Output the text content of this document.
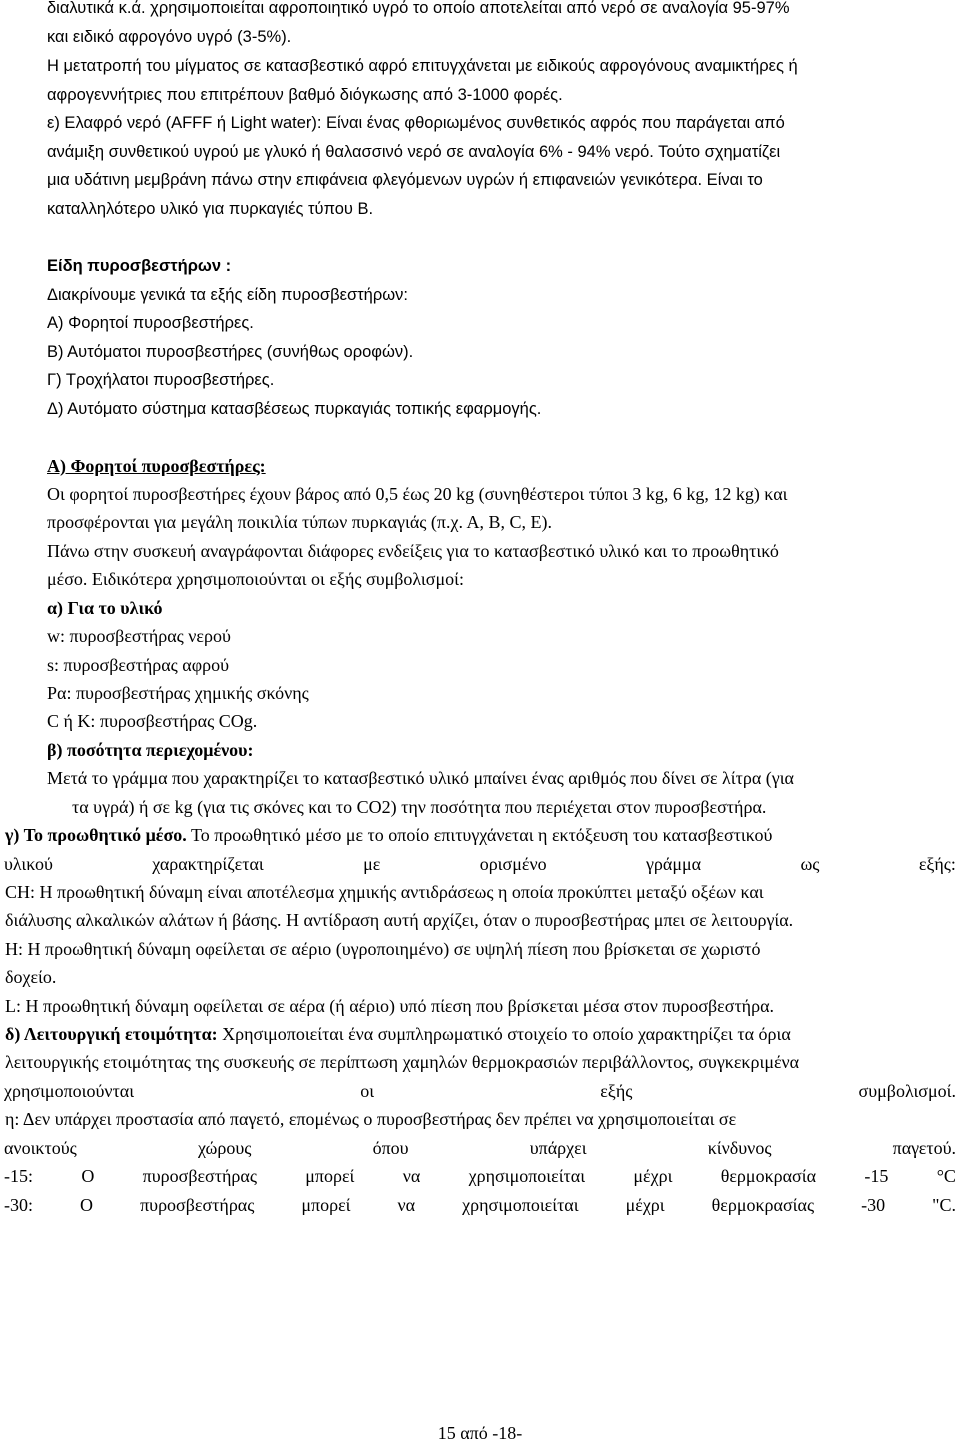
διαλυτικά κ.ά. χρησιμοποιείται αφροποιητικό υγρό το οποίο αποτελείται από νερό σε αναλογία 95-97%
και ειδικό αφρογόνο υγρό (3-5%).
Η μετατροπή του μίγματος σε κατασβεστικό αφρό επιτυγχάνεται με ειδικούς αφρογόνους αναμικτήρες ή
αφρογεννήτριες που επιτρέπουν βαθμό διόγκωσης από 3-1000 φορές.
ε) Ελαφρό νερό (AFFF ή Light water): Είναι ένας φθοριωμένος συνθετικός αφρός που παράγεται από
ανάμιξη συνθετικού υγρού με γλυκό ή θαλασσινό νερό σε αναλογία 6% - 94% νερό. Τούτο σχηματίζει
μια υδάτινη μεμβράνη πάνω στην επιφάνεια φλεγόμενων υγρών ή επιφανειών γενικότερα. Είναι το
καταλληλότερο υλικό για πυρκαγιές τύπου Β.
Είδη πυροσβεστήρων :
Διακρίνουμε γενικά τα εξής είδη πυροσβεστήρων:
Α) Φορητοί πυροσβεστήρες.
Β) Αυτόματοι πυροσβεστήρες (συνήθως οροφών).
Γ) Τροχήλατοι πυροσβεστήρες.
Δ) Αυτόματο σύστημα κατασβέσεως πυρκαγιάς τοπικής εφαρμογής.
Α) Φορητοί πυροσβεστήρες:
Οι φορητοί πυροσβεστήρες έχουν βάρος από 0,5 έως 20 kg (συνηθέστεροι τύποι 3 kg, 6 kg, 12 kg) και
προσφέρονται για μεγάλη ποικιλία τύπων πυρκαγιάς (π.χ. Α, Β, C, Ε).
Πάνω στην συσκευή αναγράφονται διάφορες ενδείξεις για το κατασβεστικό υλικό και το προωθητικό
μέσο. Ειδικότερα χρησιμοποιούνται οι εξής συμβολισμοί:
α) Για το υλικό
w: πυροσβεστήρας νερού
s: πυροσβεστήρας αφρού
Ρα: πυροσβεστήρας χημικής σκόνης
C ή Κ: πυροσβεστήρας COg.
β) ποσότητα περιεχομένου:
Μετά το γράμμα που χαρακτηρίζει το κατασβεστικό υλικό μπαίνει ένας αριθμός που δίνει σε λίτρα (για
τα υγρά) ή σε kg (για τις σκόνες και το CO2) την ποσότητα που περιέχεται στον πυροσβεστήρα.
γ) Το προωθητικό μέσο. Το προωθητικό μέσο με το οποίο επιτυγχάνεται η εκτόξευση του κατασβεστικού
υλικού	χαρακτηρίζεται	με	ορισμένο	γράμμα	ως	εξής:
CH: Η προωθητική δύναμη είναι αποτέλεσμα χημικής αντιδράσεως η οποία προκύπτει μεταξύ οξέων και
διάλυσης αλκαλικών αλάτων ή βάσης. Η αντίδραση αυτή αρχίζει, όταν ο πυροσβεστήρας μπει σε λειτουργία.
Η: Η προωθητική δύναμη οφείλεται σε αέριο (υγροποιημένο) σε υψηλή πίεση που βρίσκεται σε χωριστό
δοχείο.
L: Η προωθητική δύναμη οφείλεται σε αέρα (ή αέριο) υπό πίεση που βρίσκεται μέσα στον πυροσβεστήρα.
δ) Λειτουργική ετοιμότητα: Χρησιμοποιείται ένα συμπληρωματικό στοιχείο το οποίο χαρακτηρίζει τα όρια
λειτουργικής ετοιμότητας της συσκευής σε περίπτωση χαμηλών θερμοκρασιών περιβάλλοντος, συγκεκριμένα
χρησιμοποιούνται	οι	εξής	συμβολισμοί.
η: Δεν υπάρχει προστασία από παγετό, επομένως ο πυροσβεστήρας δεν πρέπει να χρησιμοποιείται σε
ανοικτούς	χώρους	όπου	υπάρχει	κίνδυνος	παγετού.
-15:	Ο	πυροσβεστήρας	μπορεί	να	χρησιμοποιείται	μέχρι	θερμοκρασία	-15	°C
-30:	Ο	πυροσβεστήρας	μπορεί	να	χρησιμοποιείται	μέχρι	θερμοκρασίας	-30	"C.
15 από -18-
